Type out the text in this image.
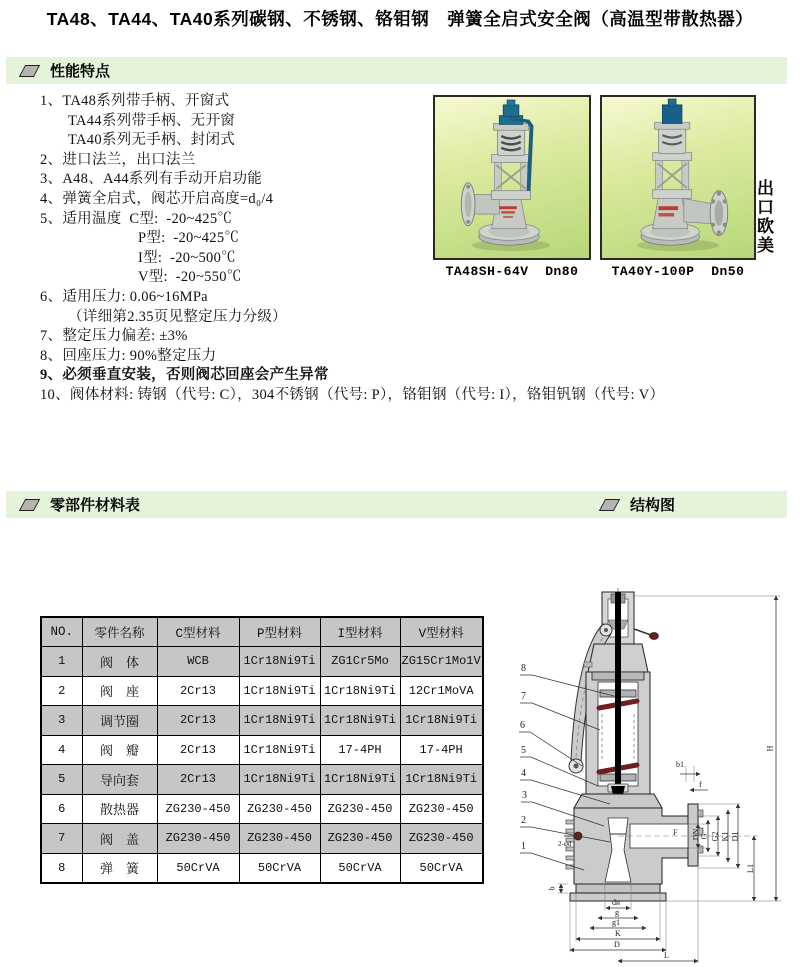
TA48、TA44、TA40系列碳钢、不锈钢、铬钼钢　弹簧全启式安全阀（高温型带散热器）
性能特点
1、TA48系列带手柄、开窗式
TA44系列带手柄、无开窗
TA40系列无手柄、封闭式
2、进口法兰，出口法兰
3、A48、A44系列有手动开启功能
4、弹簧全启式，阀芯开启高度=d₀/4
5、适用温度  C型:  -20~425℃
P型:  -20~425℃
I型:  -20~500℃
V型:  -20~550℃
6、适用压力: 0.06~16MPa
（详细第2.35页见整定压力分级）
7、整定压力偏差: ±3%
8、回座压力: 90%整定压力
9、必须垂直安装，否则阀芯回座会产生异常
10、阀体材料: 铸钢（代号: C），304不锈钢（代号: P），铬钼钢（代号: I），铬钼钒钢（代号: V）
TA48SH-64V  Dn80	TA40Y-100P  Dn50
出口欧美
零部件材料表	结构图
NO.	零件名称	C型材料	P型材料	I型材料	V型材料
1	阀　体	WCB	1Cr18Ni9Ti	ZG1Cr5Mo	ZG15Cr1Mo1V
2	阀　座	2Cr13	1Cr18Ni9Ti	1Cr18Ni9Ti	12Cr1MoVA
3	调节圈	2Cr13	1Cr18Ni9Ti	1Cr18Ni9Ti	1Cr18Ni9Ti
4	阀　瓣	2Cr13	1Cr18Ni9Ti	17-4PH	17-4PH
5	导向套	2Cr13	1Cr18Ni9Ti	1Cr18Ni9Ti	1Cr18Ni9Ti
6	散热器	ZG230-450	ZG230-450	ZG230-450	ZG230-450
7	阀　盖	ZG230-450	ZG230-450	ZG230-450	ZG230-450
8	弹　簧	50CrVA	50CrVA	50CrVA	50CrVA
8
7
6
5
4
3
2
1
b1
f
F DN G G2 K1 D1
L1
H
b
2-φd
dn
g
g1
K
D
L
